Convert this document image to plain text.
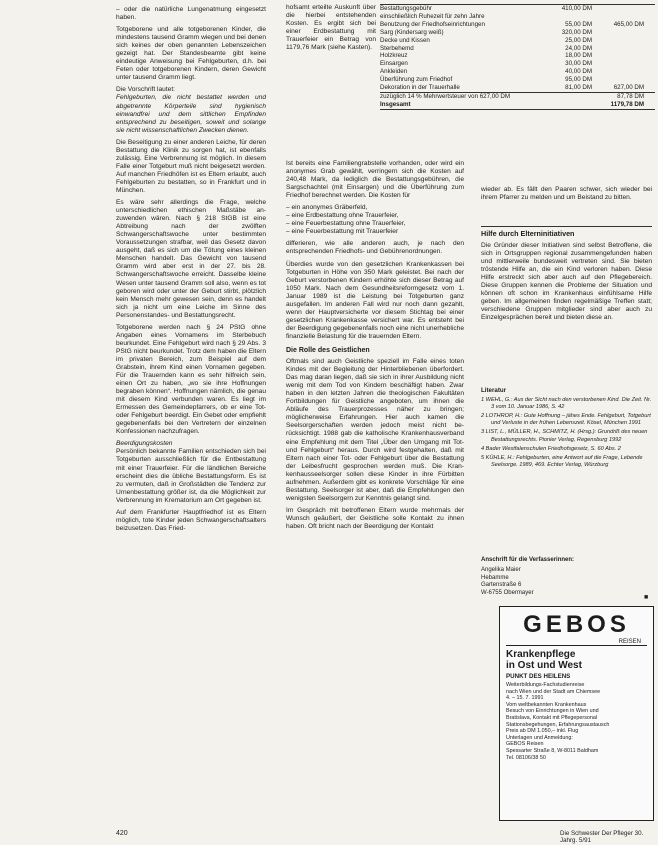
– oder die natürliche Lungenatmung eingesetzt haben.

Totgeborene und alle totgeborenen Kinder, die mindestens tausend Gramm wiegen und bei denen sich keines der oben genannten Lebenszeichen gezeigt hat. Der Standesbeamte gibt keine eindeutige Anweisung bei Fehlgeburten, d.h. bei Feten oder totgeborenen Kindern, deren Gewicht unter tausend Gramm liegt.

Die Vorschrift lautet:

Fehlgeburten, die nicht bestattet werden und abgetrennte Körperteile sind hygienisch einwandfrei und dem sittlichen Empfinden entsprechend zu beseitigen, soweit und solange sie nicht wissenschaftlichen Zwecken dienen.

Die Beseitigung zu einer anderen Leiche, für deren Bestattung die Klinik zu sorgen hat, ist ebenfalls zulässig. Eine Verbrennung ist möglich. In diesem Falle einer Totgeburt muß nicht beigesetzt werden. Auf manchen Friedhöfen ist es Eltern erlaubt, auch Fehlgeburten zu bestatten, so in Frankfurt und in München.

Es wäre sehr allerdings die Frage, welche unterschiedlichen ethischen Maßstäbe anzuwenden wären. Nach § 218 StGB ist eine Abtreibung nach der zwölften Schwangerschaftswoche unter bestimmten Voraussetzungen strafbar, weil das Gesetz davon ausgeht, daß es sich um die Tötung eines kleinen Menschen handelt. Das Gewicht von tausend Gramm wird aber erst in der 27. bis 28. Schwangerschaftswoche erreicht. Dasselbe kleine Wesen unter tausend Gramm soll also, wenn es tot geboren wird oder unter der Geburt stirbt, plötzlich kein Mensch mehr gewesen sein, denn es handelt sich ja nicht um eine Leiche im Sinne des Personenstandes- und Bestattungsrecht.

Totgeborene werden nach § 24 PStG ohne Angaben eines Vornamens im Sterbebuch beurkundet. Eine Fehlgeburt wird nach § 29 Abs. 3 PStG nicht beurkundet. Trotz dem haben die Eltern im privaten Bereich, zum Beispiel auf dem Grabstein, ihrem Kind einen Vornamen gegeben. Für die Trauernden kann es sehr hilfreich sein, einen Ort zu haben, „wo sie ihre Hoffnungen begraben können“. Hoffnungen nämlich, die genau mit diesem Kind verbunden waren. Es liegt im Ermessen des Gemeindepfarrers, ob er eine Tot- oder Fehlgeburt beerdigt. Ein Gebet oder empfiehlt gegebenenfalls bei den Vertretern der einzelnen Konfessionen nachzufragen.

Beerdigungskosten

Persönlich bekannte Familien entschieden sich bei Totgeburten ausschließlich für die Entbestattung mit einer Trauerfeier. Für die ländlichen Bereiche erscheint dies die übliche Bestattungsform. Es ist zu vermuten, daß in Großstädten die Tendenz zur Urnenbestattung größer ist, da die Möglichkeit zur Verbrennung im Krematorium am Ort gegeben ist.

Auf dem Frankfurter Hauptfriedhof ist es Eltern möglich, tote Kinder jeden Schwangerschaftsalters beizusetzen. Das Fried-

hofsamt erteilte Auskunft über die hierbei entstehenden Kosten. Es ergibt sich bei einer Erdbestattung mit Trauerfeier ein Betrag von 1179,76 Mark (siehe Kasten).

Bestattungsgebühr	410,00 DM
einschließlich Ruhezeit für zehn Jahre
Benutzung der Friedhofseinrichtungen	55,00 DM	465,00 DM
Sarg (Kindersarg weiß)	320,00 DM
Decke und Kissen	25,00 DM
Sterbehemd	24,00 DM
Holzkreuz	18,00 DM
Einsargen	30,00 DM
Ankleiden	40,00 DM
Überführung zum Friedhof	95,00 DM
Dekoration in der Trauerhalle	81,00 DM	627,00 DM
zuzüglich 14 % Mehrwertsteuer von 627,00 DM	87,78 DM
Insgesamt	1179,78 DM

Ist bereits eine Familiengrabstelle vorhanden, oder wird ein anonymes Grab gewählt, verringern sich die Kosten auf 240,48 Mark, da lediglich die Bestattungsgebühren, die Sargschachtel (mit Einsargen) und die Überführung zum Friedhof berechnet werden. Die Kosten für

– ein anonymes Gräberfeld,

– eine Erdbestattung ohne Trauerfeier,

– eine Feuerbestattung ohne Trauerfeier,

– eine Feuerbestattung mit Trauerfeier

differieren, wie alle anderen auch, je nach den entsprechenden Friedhofs- und Gebührenordnungen.

Überdies wurde von den gesetzlichen Krankenkassen bei Totgeburten in Höhe von 350 Mark geleistet. Bei nach der Geburt verstorbenen Kindern erhöhte sich dieser Betrag auf 1050 Mark. Nach dem Gesundheitsreformgesetz vom 1. Januar 1989 ist die Leistung bei Totgeburten ganz ausgefallen. Im anderen Fall wird nur noch dann gezahlt, wenn der Hauptversicherte vor diesem Stichtag bei einer gesetzlichen Krankenkasse versichert war. Es entsteht bei der Beerdigung gegebenenfalls noch eine nicht unerhebliche finanzielle Belastung für die trauernden Eltern.

Die Rolle des Geistlichen

Oftmals sind auch Geistliche speziell im Falle eines toten Kindes mit der Begleitung der Hinterbliebenen überfordert. Das mag daran liegen, daß sie sich in ihrer Ausbildung nicht wenig mit dem Tod von Kindern beschäftigt haben. Zwar haben in den letzten Jahren die theologischen Fakultäten Fortbildungen für Geistliche angeboten, um ihnen die Abläufe des Trauerprozesses näher zu bringen; möglicherweise Erfahrungen. Hier auch kamen die Seelsorgerschaften werden jedoch meist nicht berücksichtigt. 1988 gab die katholische Krankenhausverband eine Empfehlung mit dem Titel „Über den Umgang mit Tot- und Fehlgeburt“ heraus. Durch wird festgehalten, daß mit Eltern nach einer Tot- oder Fehlgeburt über die Bestattung der Leibesfrucht gesprochen werden muß. Die Krankenhausseelsorger sollen diese Kinder in ihre Fürbitten aufnehmen. Außerdem gibt es konkrete Vorschläge für eine Bestattung. Seelsorger ist aber, daß die Empfehlungen den wenigsten Seelsorgern zur Kenntnis gelangt sind.

Im Gespräch mit betroffenen Eltern wurde mehrmals der Wunsch geäußert, der Geistliche solle Kontakt zu ihnen haben. Oft bricht nach der Beerdigung der Kontakt

wieder ab. Es fällt den Paaren schwer, sich wieder bei ihrem Pfarrer zu melden und um Beistand zu bitten.

Hilfe durch Elterninitiativen

Die Gründer dieser Initiativen sind selbst Betroffene, die sich in Ortsgruppen regional zusammengefunden haben und mittlerweile bundesweit vertreten sind. Sie bieten tröstende Hilfe an, die ein Kind verloren haben. Diese Hilfe erstreckt sich aber auch auf den Pflegebereich. Diese Gruppen kennen die Probleme der Situation und können oft schon im Krankenhaus einfühlsame Hilfe geben. Im allgemeinen finden regelmäßige Treffen statt; verschiedene Gruppen mitglieder sind aber auch zu Einzelgesprächen bereit und bieten diese an.

Literatur
1 WEHL, G.: Aus der Sicht nach den verstorbenen Kind. Die Zeit. Nr. 3 vom 10. Januar 1986, S. 42
2 LOTHROP, H.: Gute Hoffnung – jähes Ende. Fehlgeburt, Totgeburt und Verluste in der frühen Lebenszeit. Kösel, München 1991
3 LIST, L., MÜLLER, H., SCHMITZ, H. (Hrsg.): Grundriß des neuen Bestattungsrechts. Pionier Verlag, Regensburg 1992
4 Bader Westfalenschulen Friedhofsgesetz, S. 60 Abs. 2
5 KÜHLE, H.: Fehlgeburten, eine Antwort auf die Frage, Lebende Seelsorge. 1989, 469. Echter Verlag, Würzburg
Anschrift für die Verfasserinnen:
Angelika Maier
Hebamme
Gartenstraße 6
W-6755 Obermayer
■
GEBOS
REISEN
Krankenpflege
in Ost und West
PUNKT DES HEILENS
Weiterbildungs-Fachstudienreise
nach Wien und der Stadt am Chiemsee
4. – 15. 7. 1991
Vom weltbekannten Krankenhaus
Besuch von Einrichtungen in Wien und
Bratislava, Kontakt mit Pflegepersonal
Stationsbegehungen, Erfahrungsaustausch
Preis ab DM 1.050,– inkl. Flug
Unterlagen und Anmeldung:
GEBOS Reisen
Spessarter Straße 8, W-8011 Baldham
Tel. 08106/38 50
420	Die Schwester Der Pfleger 30. Jahrg. 5/91
